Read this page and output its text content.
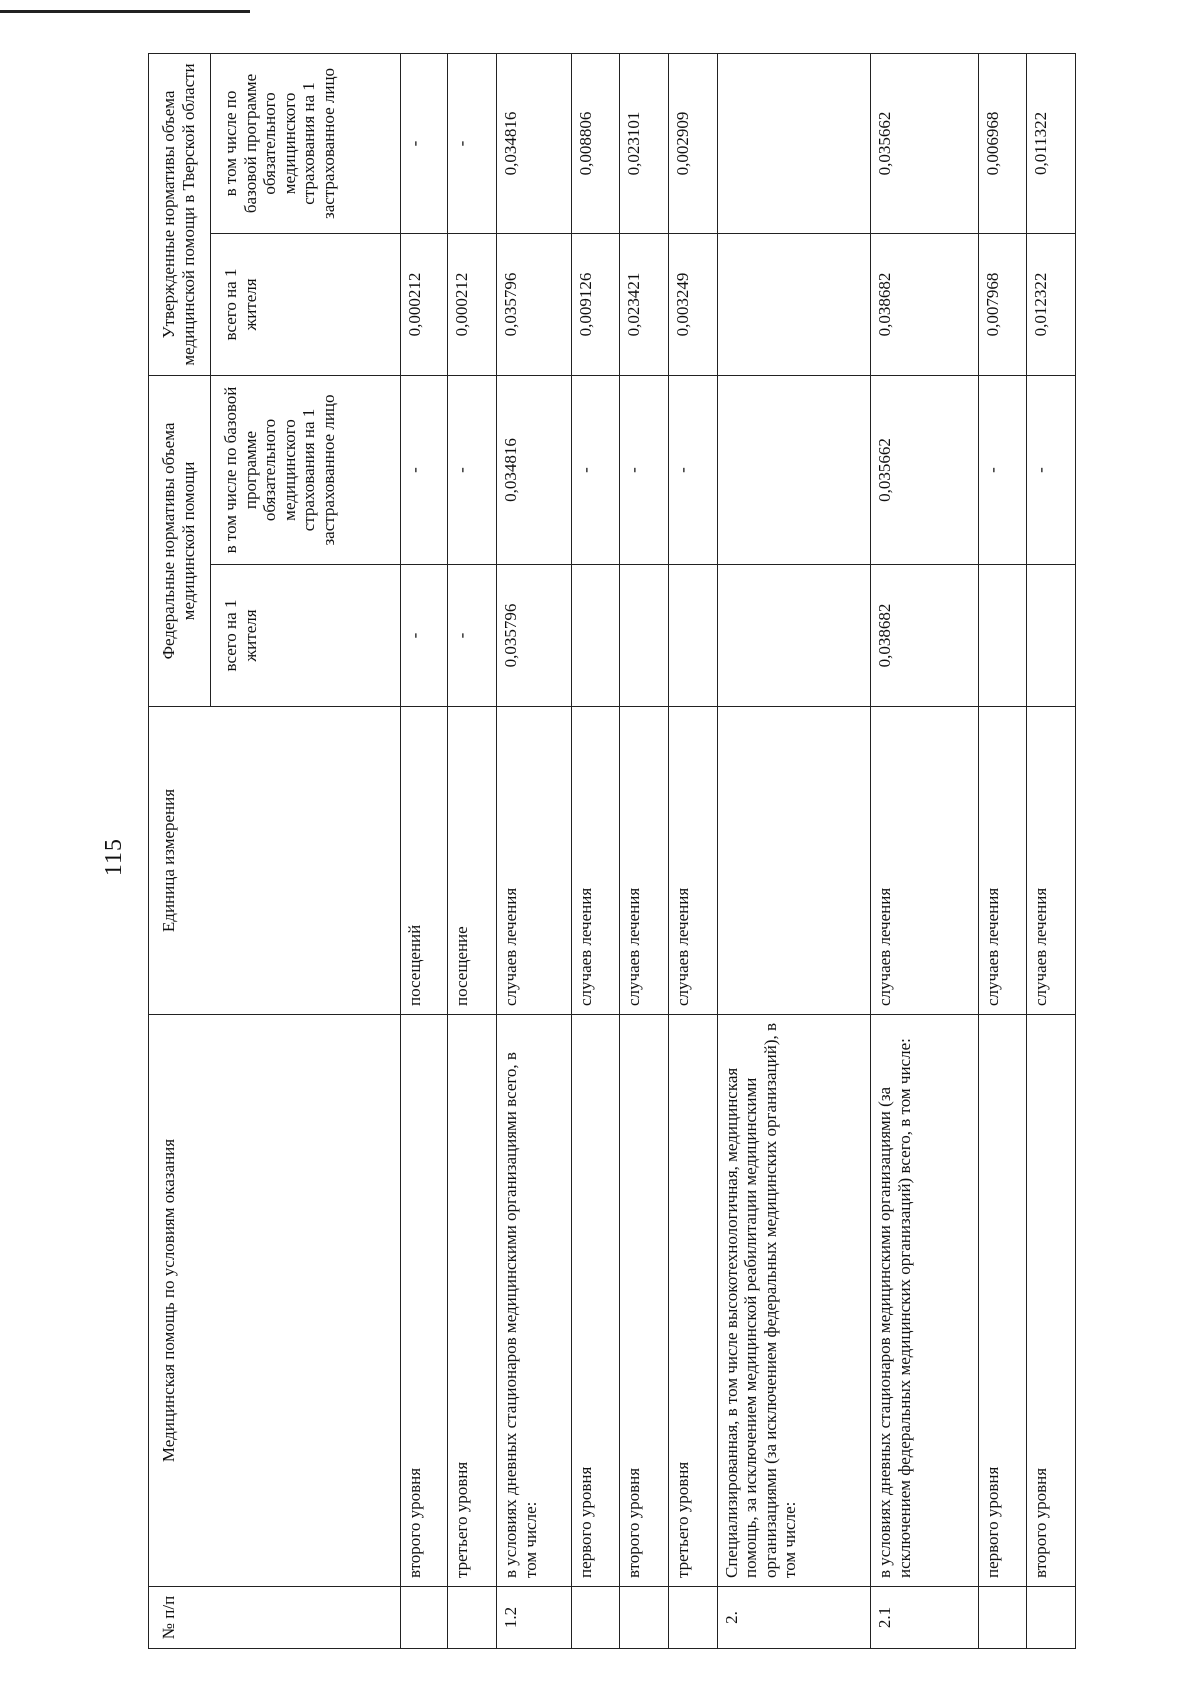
115
№ п/п	Медицинская помощь по условиям оказания	Единица измерения	Федеральные нормативы объема медицинской помощи		Утвержденные нормативы объема медицинской помощи в Тверской области	
			всего на 1 жителя	в том числе по базовой программе обязательного медицинского страхования на 1 застрахованное лицо	всего на 1 жителя	в том числе по базовой программе обязательного медицинского страхования на 1 застрахованное лицо
	второго уровня	посещений	-	-	0,000212	-
	третьего уровня	посещение	-	-	0,000212	-
1.2	в условиях дневных стационаров медицинскими организациями всего, в том числе:	случаев лечения	0,035796	0,034816	0,035796	0,034816
	первого уровня	случаев лечения		-	0,009126	0,008806
	второго уровня	случаев лечения		-	0,023421	0,023101
	третьего уровня	случаев лечения		-	0,003249	0,002909
2.	Специализированная, в том числе высокотехнологичная, медицинская помощь, за исключением медицинской реабилитации медицинскими организациями (за исключением федеральных медицинских организаций), в том числе:					
2.1	в условиях дневных стационаров медицинскими организациями (за исключением федеральных медицинских организаций) всего, в том числе:	случаев лечения	0,038682	0,035662	0,038682	0,035662
	первого уровня	случаев лечения		-	0,007968	0,006968
	второго уровня	случаев лечения		-	0,012322	0,011322
